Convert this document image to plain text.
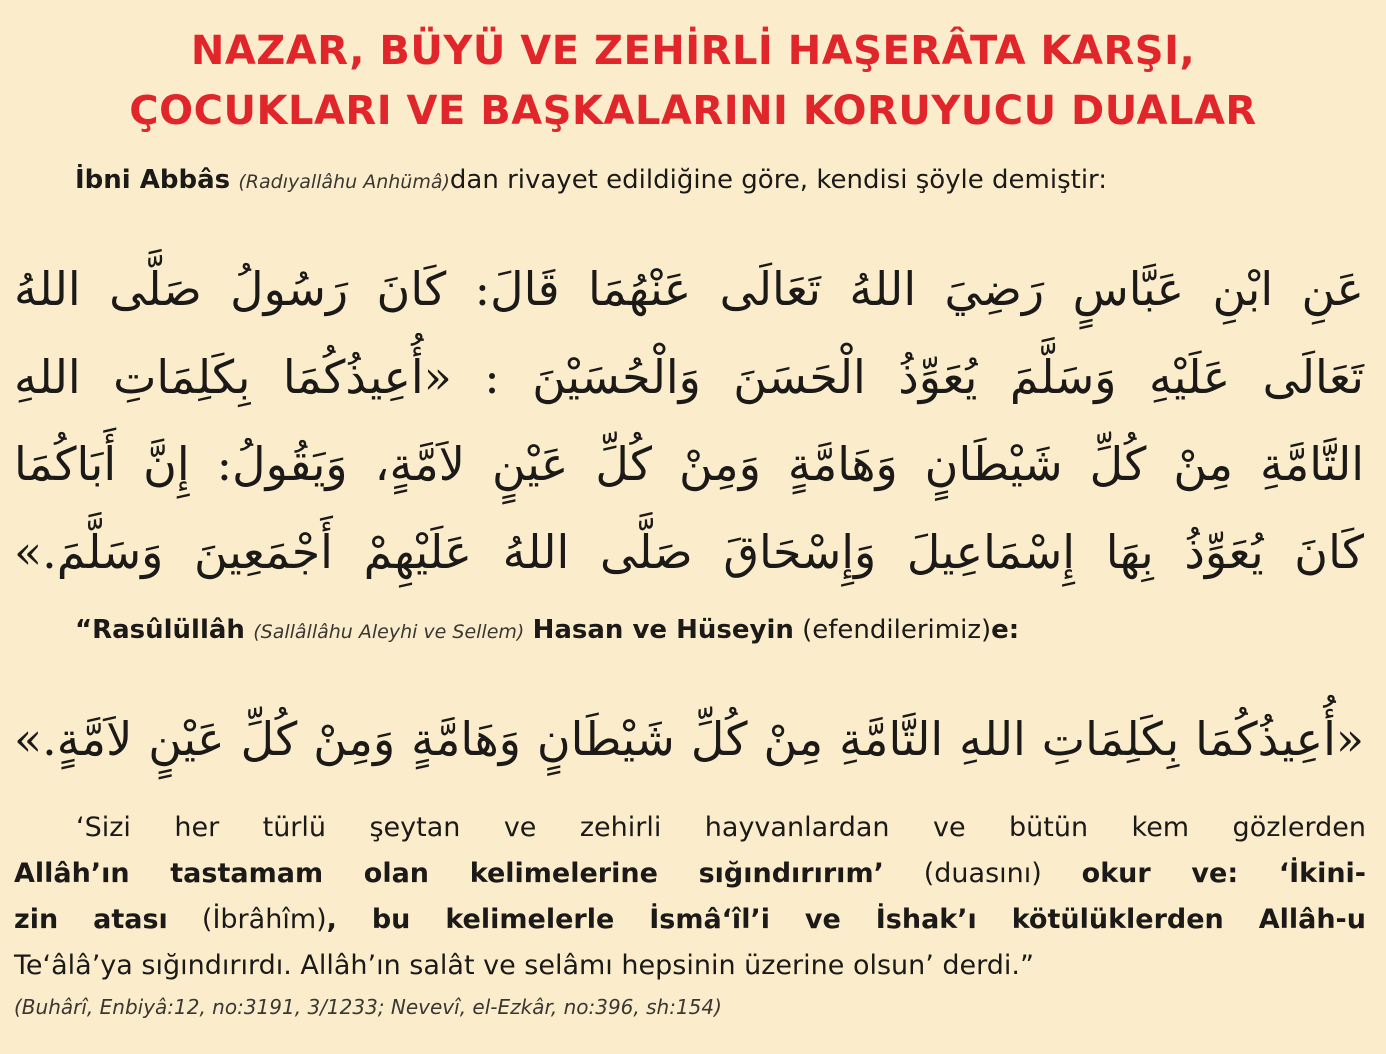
NAZAR, BÜYÜ VE ZEHİRLİ HAŞERÂTA KARŞI,
ÇOCUKLARI VE BAŞKALARINI KORUYUCU DUALAR
İbni Abbâs (Radıyallâhu Anhümâ)dan rivayet edildiğine göre, kendisi şöyle demiştir:
عَنِ ابْنِ عَبَّاسٍ رَضِيَ اللهُ تَعَالَى عَنْهُمَا قَالَ: كَانَ رَسُولُ صَلَّى اللهُ
تَعَالَى عَلَيْهِ وَسَلَّمَ يُعَوِّذُ الْحَسَنَ وَالْحُسَيْنَ : «أُعِيذُكُمَا بِكَلِمَاتِ اللهِ
التَّامَّةِ مِنْ كُلِّ شَيْطَانٍ وَهَامَّةٍ وَمِنْ كُلِّ عَيْنٍ لاَمَّةٍ، وَيَقُولُ: إِنَّ أَبَاكُمَا
كَانَ يُعَوِّذُ بِهَا إِسْمَاعِيلَ وَإِسْحَاقَ صَلَّى اللهُ عَلَيْهِمْ أَجْمَعِينَ وَسَلَّمَ.»
“Rasûlüllâh (Sallâllâhu Aleyhi ve Sellem) Hasan ve Hüseyin (efendilerimiz)e:
«أُعِيذُكُمَا بِكَلِمَاتِ اللهِ التَّامَّةِ مِنْ كُلِّ شَيْطَانٍ وَهَامَّةٍ وَمِنْ كُلِّ عَيْنٍ لاَمَّةٍ.»
‘Sizi her türlü şeytan ve zehirli hayvanlardan ve bütün kem gözlerden
Allâh’ın tastamam olan kelimelerine sığındırırım’ (duasını) okur ve: ‘İkini-
zin atası (İbrâhîm), bu kelimelerle İsmâ‘îl’i ve İshak’ı kötülüklerden Allâh-u
Te‘âlâ’ya sığındırırdı. Allâh’ın salât ve selâmı hepsinin üzerine olsun’ derdi.”
(Buhârî, Enbiyâ:12, no:3191, 3/1233; Nevevî, el-Ezkâr, no:396, sh:154)
